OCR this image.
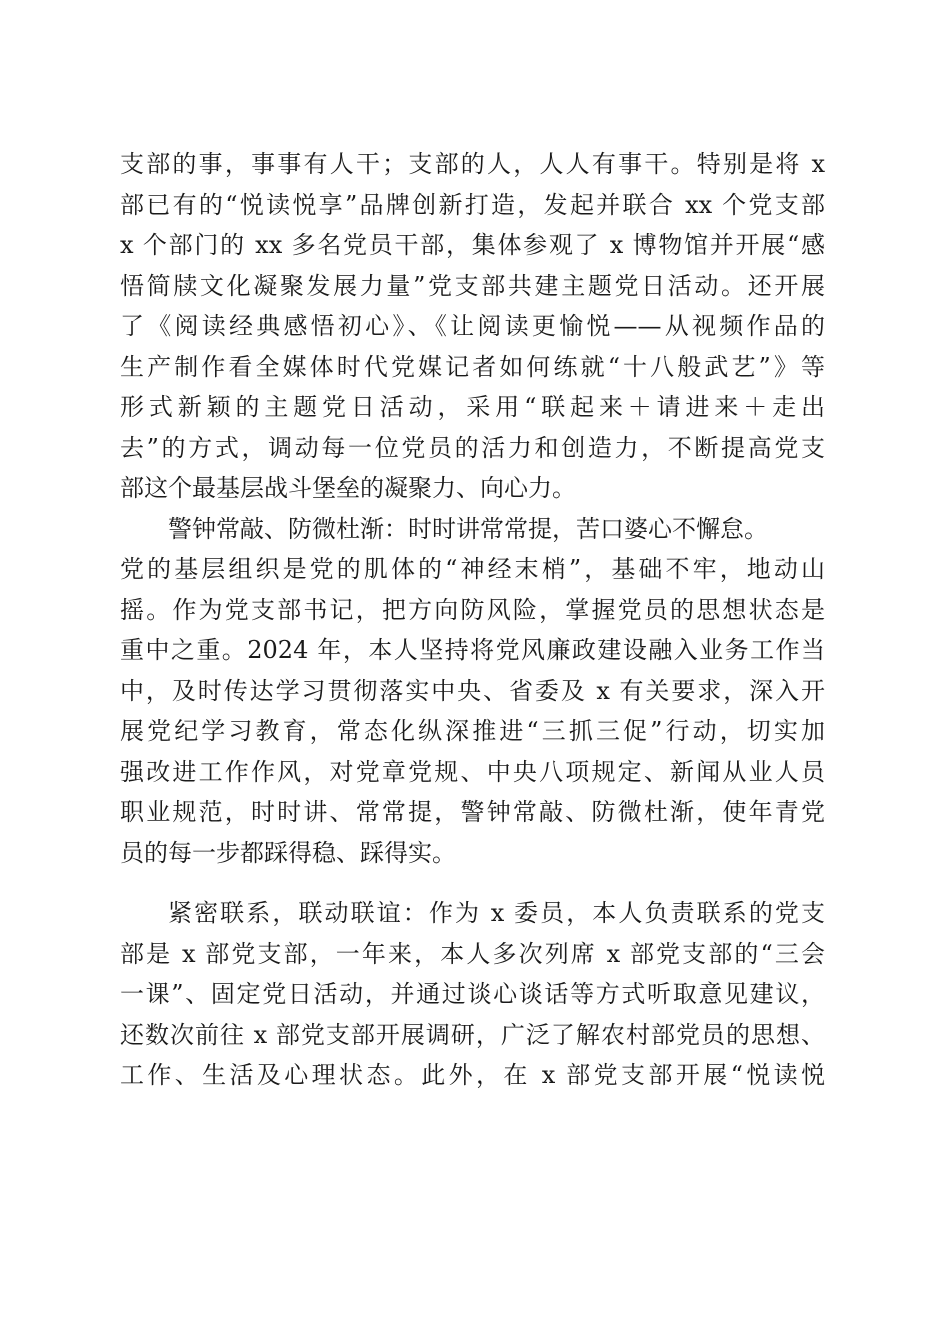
支部的事，事事有人干；支部的人，人人有事干。特别是将 x
部已有的“悦读悦享”品牌创新打造，发起并联合 xx 个党支部
x 个部门的 xx 多名党员干部，集体参观了 x 博物馆并开展“感
悟简牍文化凝聚发展力量”党支部共建主题党日活动。还开展
了《阅读经典感悟初心》、《让阅读更愉悦——从视频作品的
生产制作看全媒体时代党媒记者如何练就“十八般武艺”》等
形式新颖的主题党日活动，采用“联起来＋请进来＋走出
去”的方式，调动每一位党员的活力和创造力，不断提高党支
部这个最基层战斗堡垒的凝聚力、向心力。
警钟常敲、防微杜渐：时时讲常常提，苦口婆心不懈怠。
党的基层组织是党的肌体的“神经末梢”，基础不牢，地动山
摇。作为党支部书记，把方向防风险，掌握党员的思想状态是
重中之重。2024 年，本人坚持将党风廉政建设融入业务工作当
中，及时传达学习贯彻落实中央、省委及 x 有关要求，深入开
展党纪学习教育，常态化纵深推进“三抓三促”行动，切实加
强改进工作作风，对党章党规、中央八项规定、新闻从业人员
职业规范，时时讲、常常提，警钟常敲、防微杜渐，使年青党
员的每一步都踩得稳、踩得实。
紧密联系，联动联谊：作为 x 委员，本人负责联系的党支
部是 x 部党支部，一年来，本人多次列席 x 部党支部的“三会
一课”、固定党日活动，并通过谈心谈话等方式听取意见建议，
还数次前往 x 部党支部开展调研，广泛了解农村部党员的思想、
工作、生活及心理状态。此外，在 x 部党支部开展“悦读悦
